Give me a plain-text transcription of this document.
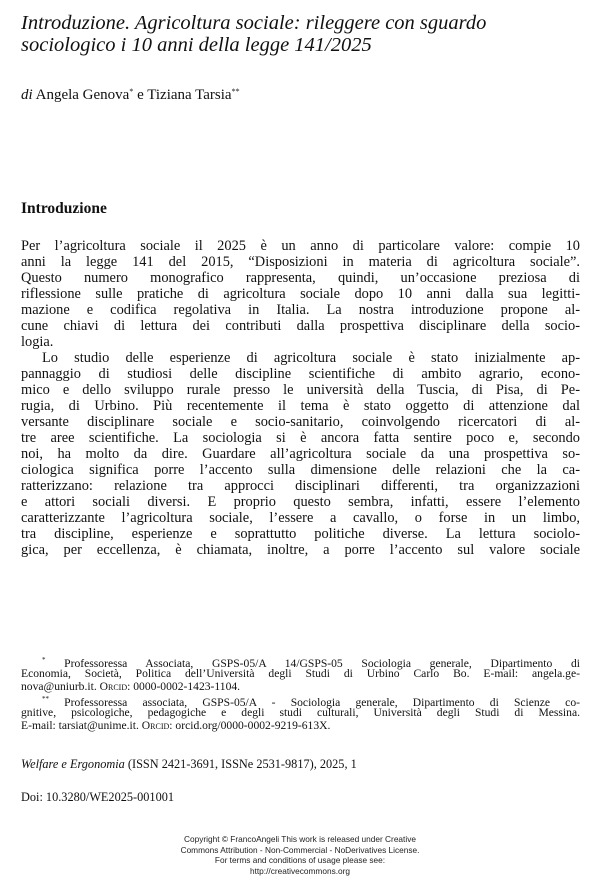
Introduzione. Agricoltura sociale: rileggere con sguardo
sociologico i 10 anni della legge 141/2025
di Angela Genova* e Tiziana Tarsia**
Introduzione
Per l’agricoltura sociale il 2025 è un anno di particolare valore: compie 10
anni la legge 141 del 2015, “Disposizioni in materia di agricoltura sociale”.
Questo numero monografico rappresenta, quindi, un’occasione preziosa di
riflessione sulle pratiche di agricoltura sociale dopo 10 anni dalla sua legitti-
mazione e codifica regolativa in Italia. La nostra introduzione propone al-
cune chiavi di lettura dei contributi dalla prospettiva disciplinare della socio-
logia.
Lo studio delle esperienze di agricoltura sociale è stato inizialmente ap-
pannaggio di studiosi delle discipline scientifiche di ambito agrario, econo-
mico e dello sviluppo rurale presso le università della Tuscia, di Pisa, di Pe-
rugia, di Urbino. Più recentemente il tema è stato oggetto di attenzione dal
versante disciplinare sociale e socio-sanitario, coinvolgendo ricercatori di al-
tre aree scientifiche. La sociologia si è ancora fatta sentire poco e, secondo
noi, ha molto da dire. Guardare all’agricoltura sociale da una prospettiva so-
ciologica significa porre l’accento sulla dimensione delle relazioni che la ca-
ratterizzano: relazione tra approcci disciplinari differenti, tra organizzazioni
e attori sociali diversi. E proprio questo sembra, infatti, essere l’elemento
caratterizzante l’agricoltura sociale, l’essere a cavallo, o forse in un limbo,
tra discipline, esperienze e soprattutto politiche diverse. La lettura sociolo-
gica, per eccellenza, è chiamata, inoltre, a porre l’accento sul valore sociale
* Professoressa Associata, GSPS-05/A 14/GSPS-05 Sociologia generale, Dipartimento di
Economia, Società, Politica dell’Università degli Studi di Urbino Carlo Bo. E-mail: angela.ge-
nova@uniurb.it. Orcid: 0000-0002-1423-1104.
** Professoressa associata, GSPS-05/A - Sociologia generale, Dipartimento di Scienze co-
gnitive, psicologiche, pedagogiche e degli studi culturali, Università degli Studi di Messina.
E-mail: tarsiat@unime.it. Orcid: orcid.org/0000-0002-9219-613X.
Welfare e Ergonomia (ISSN 2421-3691, ISSNe 2531-9817), 2025, 1
Doi: 10.3280/WE2025-001001
Copyright © FrancoAngeli This work is released under Creative
Commons Attribution - Non-Commercial - NoDerivatives License.
For terms and conditions of usage please see:
http://creativecommons.org
